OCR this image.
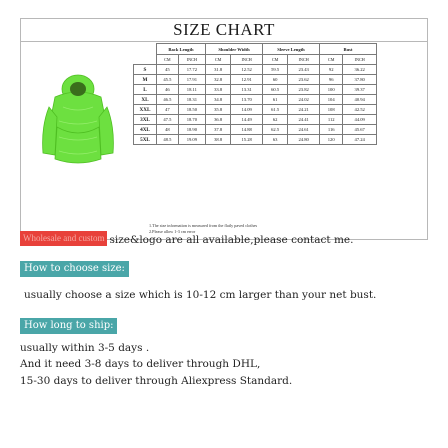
SIZE CHART
	Back Length		Shoulder Width		Sleeve Length		Bust	
	CM	INCH	CM	INCH	CM	INCH	CM	INCH
S	45	17.72	31.8	12.52	59.5	23.43	92	36.22
M	45.5	17.91	32.8	12.91	60	23.62	96	37.80
L	46	18.11	33.8	13.31	60.5	23.82	100	39.37
XL	46.5	18.31	34.8	13.70	61	24.02	104	40.94
XXL	47	18.50	35.8	14.09	61.5	24.21	108	42.52
3XL	47.5	18.70	36.8	14.49	62	24.41	112	44.09
4XL	48	18.90	37.8	14.88	62.5	24.61	116	45.67
5XL	48.5	19.09	38.8	15.28	63	24.80	120	47.24
1.The size information is measured from the flatly paved clothes
2.Please allow 1-3 cm error
Wholesale and custom size&logo are all available,please contact me.
How to choose size:
usually choose a size which is 10-12 cm larger than your net bust.
How long to ship:
usually within 3-5 days .
And it need 3-8 days to deliver through DHL,
15-30 days to deliver through Aliexpress Standard.
